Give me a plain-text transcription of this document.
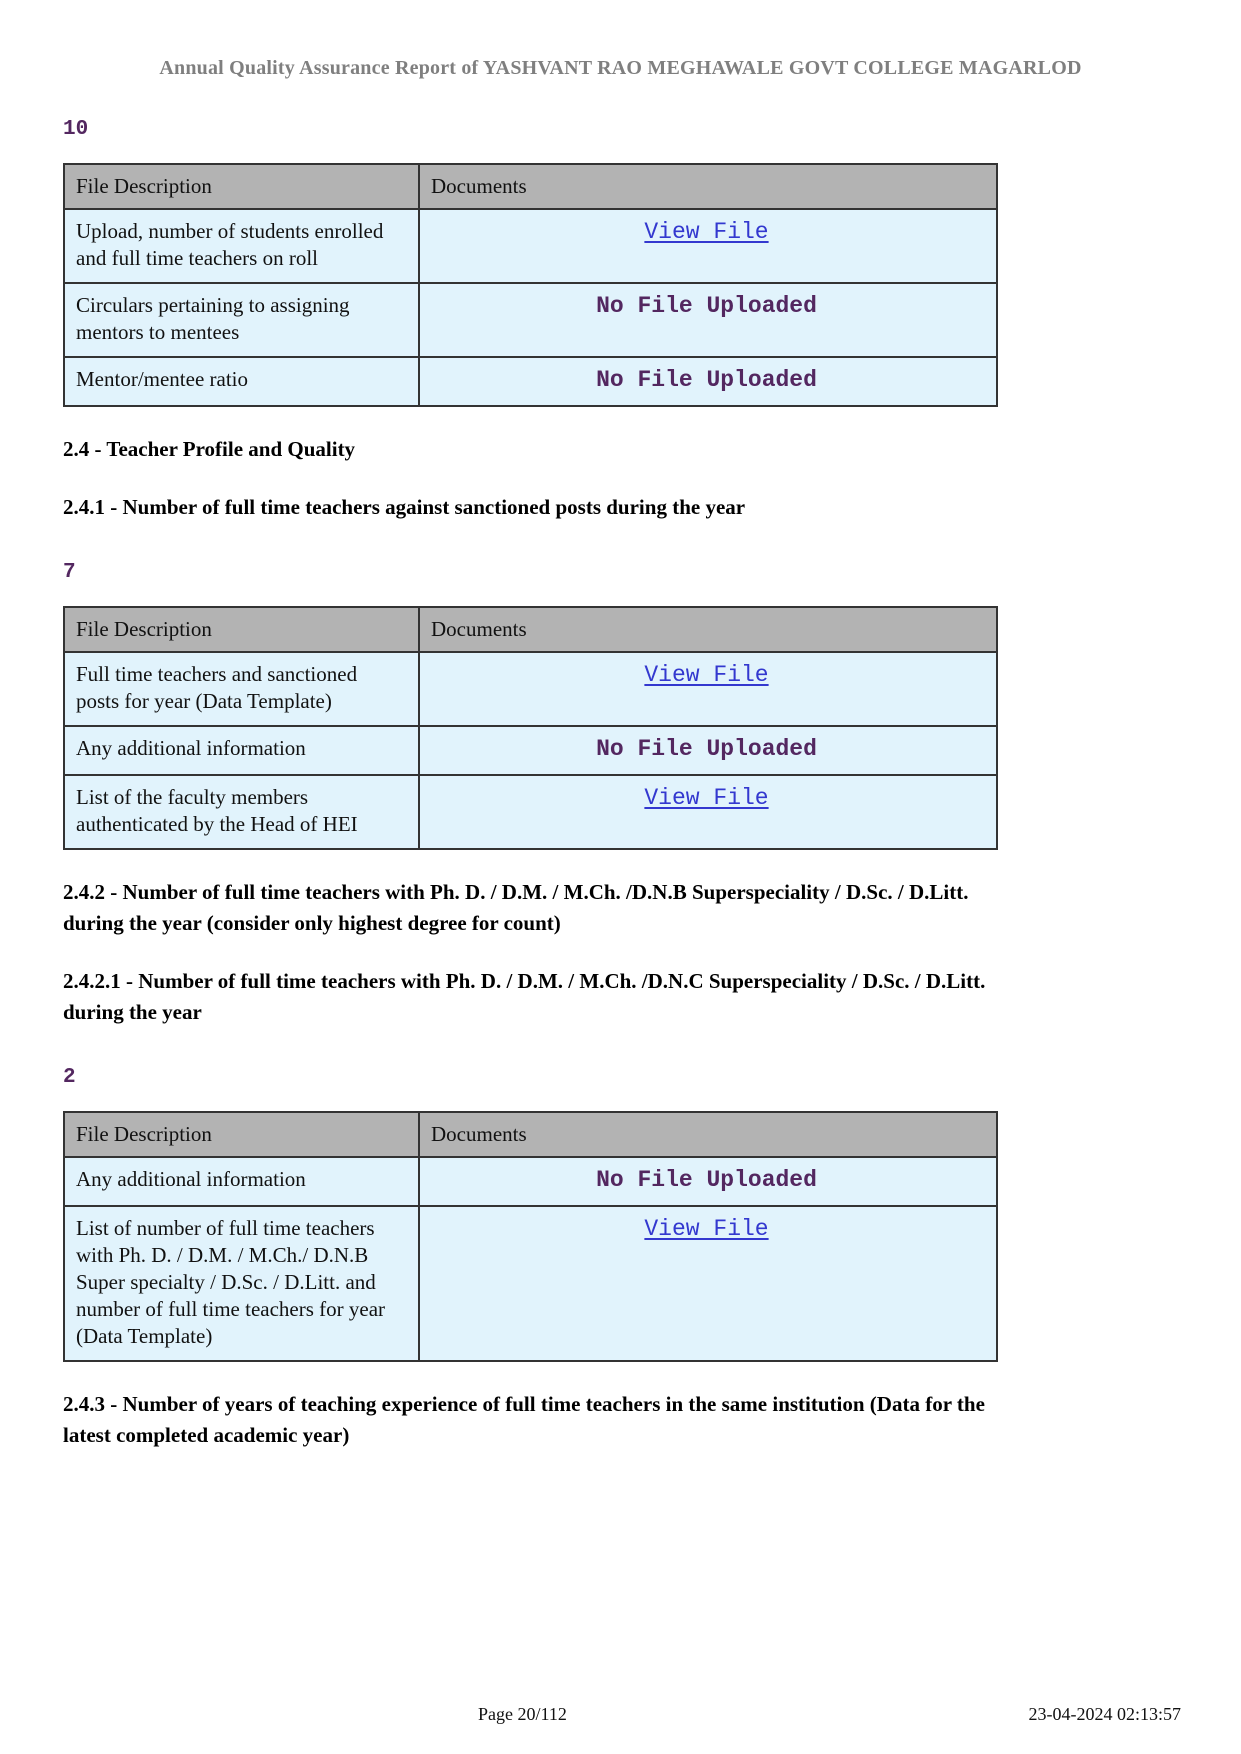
Annual Quality Assurance Report of YASHVANT RAO MEGHAWALE GOVT COLLEGE MAGARLOD
10
File Description	Documents
Upload, number of students enrolled and full time teachers on roll	View File
Circulars pertaining to assigning mentors to mentees	No File Uploaded
Mentor/mentee ratio	No File Uploaded
2.4 - Teacher Profile and Quality
2.4.1 - Number of full time teachers against sanctioned posts during the year
7
File Description	Documents
Full time teachers and sanctioned posts for year (Data Template)	View File
Any additional information	No File Uploaded
List of the faculty members authenticated by the Head of HEI	View File
2.4.2 - Number of full time teachers with Ph. D. / D.M. / M.Ch. /D.N.B Superspeciality / D.Sc. / D.Litt. during the year (consider only highest degree for count)
2.4.2.1 - Number of full time teachers with Ph. D. / D.M. / M.Ch. /D.N.C Superspeciality / D.Sc. / D.Litt. during the year
2
File Description	Documents
Any additional information	No File Uploaded
List of number of full time teachers with Ph. D. / D.M. / M.Ch./ D.N.B Super specialty / D.Sc. / D.Litt. and number of full time teachers for year (Data Template)	View File
2.4.3 - Number of years of teaching experience of full time teachers in the same institution (Data for the latest completed academic year)
Page 20/112	23-04-2024 02:13:57
